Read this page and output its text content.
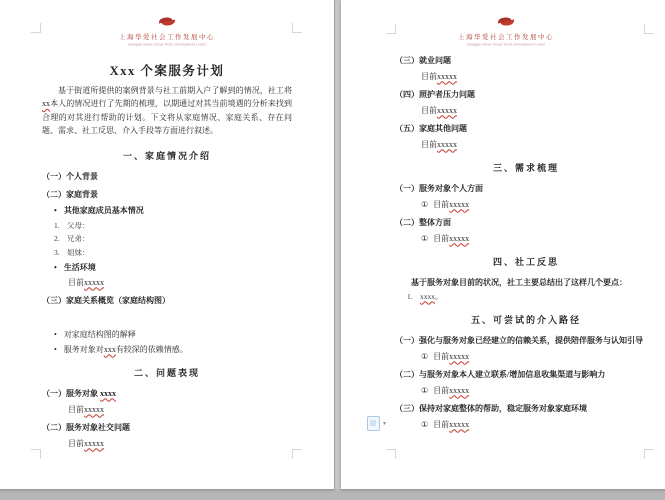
上海华爱社会工作发展中心
Shanghai Huaai Social Work Development Center
Xxx 个案服务计划
基于街道所提供的案例背景与社工前期入户了解到的情况，社工将xx本人的情况进行了先期的梳理，以期通过对其当前境遇的分析来找到合理的对其进行帮助的计划。下文将从家庭情况、家庭关系、存在问题、需求、社工反思、介入手段等方面进行叙述。
一、家庭情况介绍
（一）个人背景
（二）家庭背景
• 其他家庭成员基本情况
1. 父母：
2. 兄弟：
3. 姐妹：
• 生活环境
目前xxxxx
（三）家庭关系概览（家庭结构图）
• 对家庭结构图的解释
• 服务对象对xxx有较深的依赖情感。
二、问题表现
（一）服务对象 xxxx
目前xxxxx
（二）服务对象社交问题
目前xxxxx
上海华爱社会工作发展中心
Shanghai Huaai Social Work Development Center
（三）就业问题
目前xxxxx
（四）照护者压力问题
目前xxxxx
（五）家庭其他问题
目前xxxxx
三、需求梳理
（一）服务对象个人方面
① 目前xxxxx
（二）整体方面
① 目前xxxxx
四、社工反思
基于服务对象目前的状况，社工主要总结出了这样几个要点：
1. xxxx。
五、可尝试的介入路径
（一）强化与服务对象已经建立的信赖关系，提供陪伴服务与认知引导
① 目前xxxxx
（二）与服务对象本人建立联系/增加信息收集渠道与影响力
① 目前xxxxx
（三）保持对家庭整体的帮助，稳定服务对象家庭环境
① 目前xxxxx
▾
